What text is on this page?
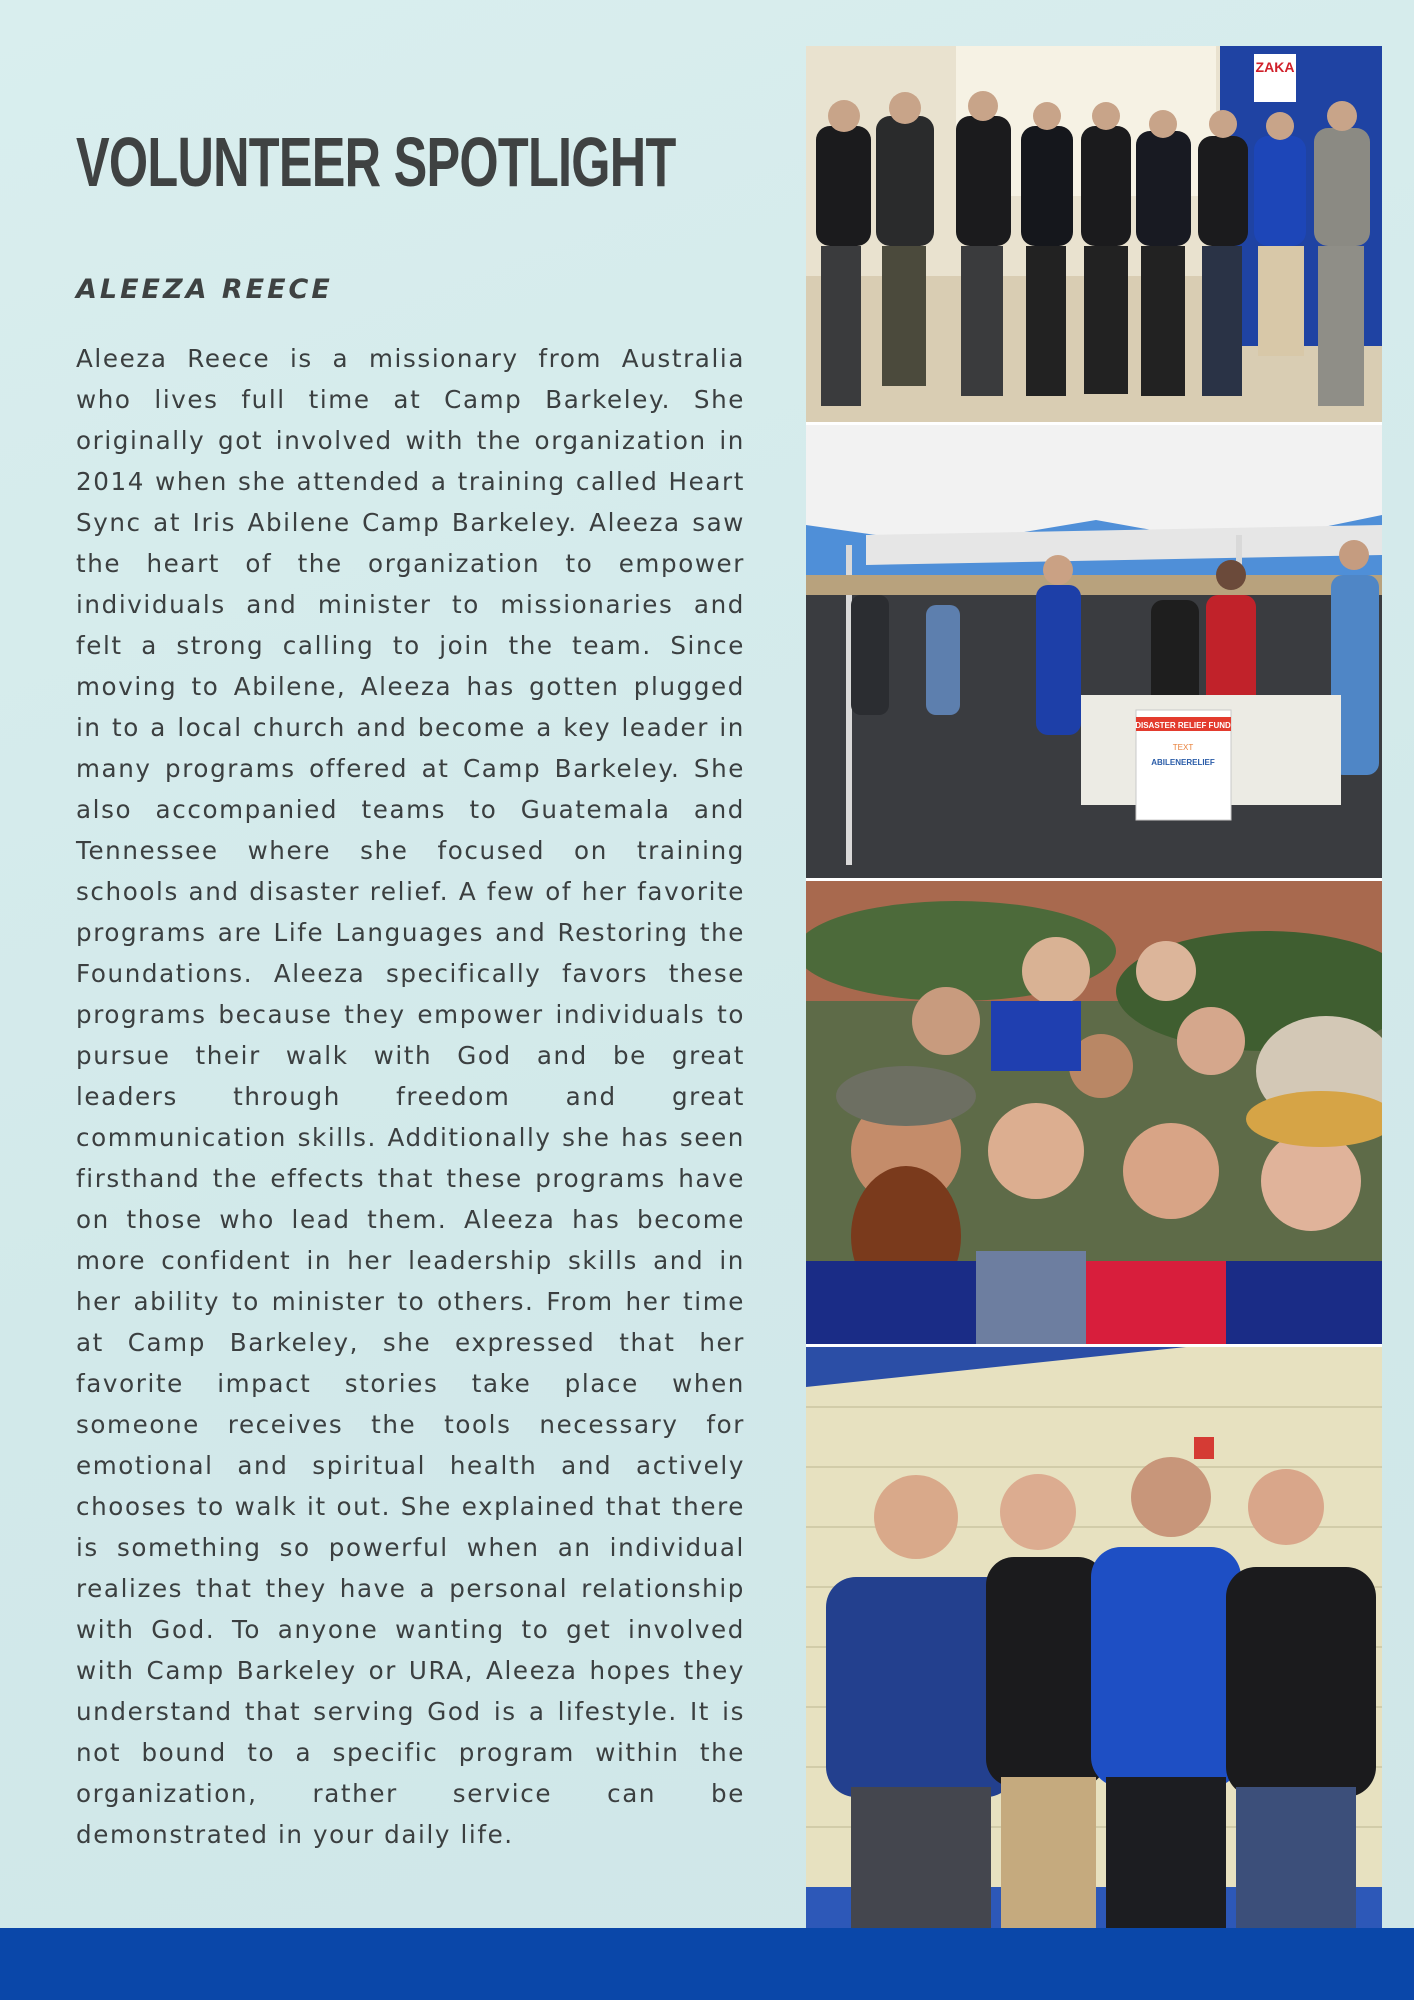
VOLUNTEER SPOTLIGHT
ALEEZA REECE

Aleeza Reece is a missionary from Australia who lives full time at Camp Barkeley. She originally got involved with the organization in 2014 when she attended a training called Heart Sync at Iris Abilene Camp Barkeley. Aleeza saw the heart of the organization to empower individuals and minister to missionaries and felt a strong calling to join the team. Since moving to Abilene, Aleeza has gotten plugged in to a local church and become a key leader in many programs offered at Camp Barkeley. She also accompanied teams to Guatemala and Tennessee where she focused on training schools and disaster relief. A few of her favorite programs are Life Languages and Restoring the Foundations. Aleeza specifically favors these programs because they empower individuals to pursue their walk with God and be great leaders through freedom and great communication skills. Additionally she has seen firsthand the effects that these programs have on those who lead them. Aleeza has become more confident in her leadership skills and in her ability to minister to others. From her time at Camp Barkeley, she expressed that her favorite impact stories take place when someone receives the tools necessary for emotional and spiritual health and actively chooses to walk it out. She explained that there is something so powerful when an individual realizes that they have a personal relationship with God. To anyone wanting to get involved with Camp Barkeley or URA, Aleeza hopes they understand that serving God is a lifestyle. It is not bound to a specific program within the organization, rather service can be demonstrated in your daily life.

ZAKA
DISASTER RELIEF FUND
TEXT
ABILENERELIEF
